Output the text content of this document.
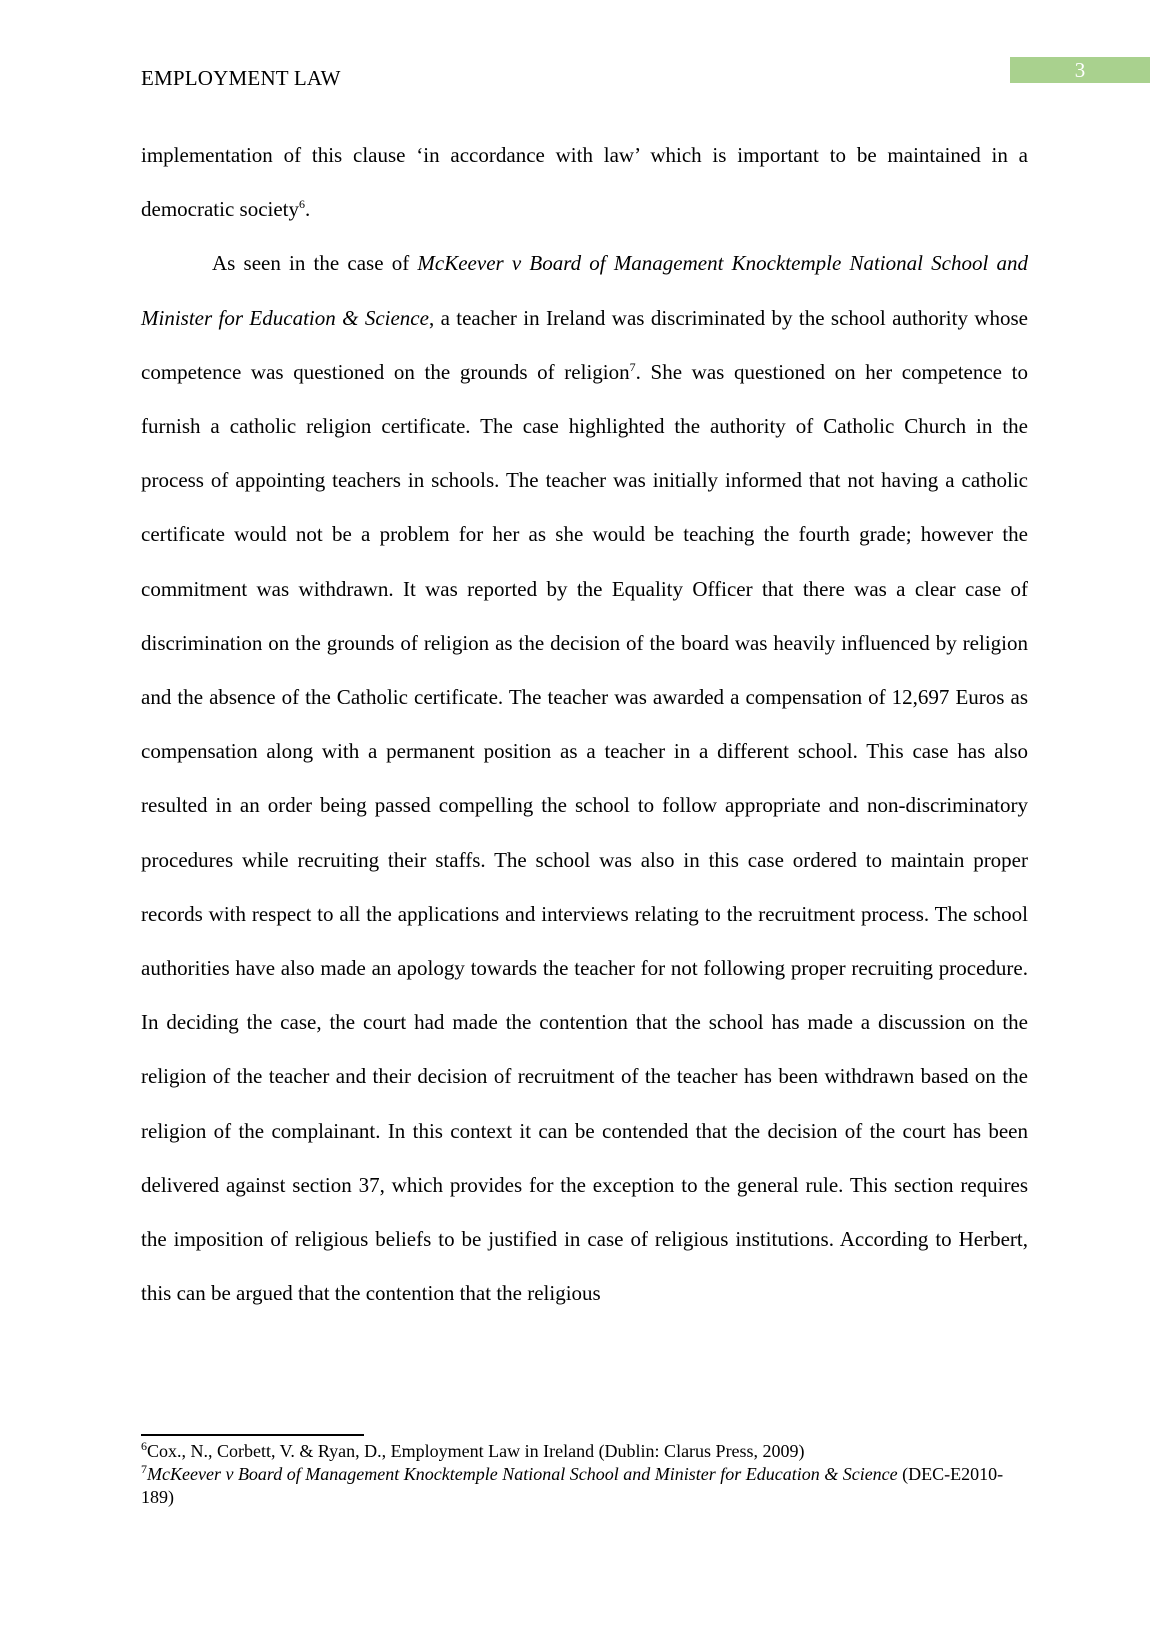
EMPLOYMENT LAW	3

implementation of this clause ‘in accordance with law’ which is important to be maintained in a democratic society$^6$.

As seen in the case of McKeever v Board of Management Knocktemple National School and Minister for Education & Science, a teacher in Ireland was discriminated by the school authority whose competence was questioned on the grounds of religion$^7$. She was questioned on her competence to furnish a catholic religion certificate. The case highlighted the authority of Catholic Church in the process of appointing teachers in schools. The teacher was initially informed that not having a catholic certificate would not be a problem for her as she would be teaching the fourth grade; however the commitment was withdrawn. It was reported by the Equality Officer that there was a clear case of discrimination on the grounds of religion as the decision of the board was heavily influenced by religion and the absence of the Catholic certificate. The teacher was awarded a compensation of 12,697 Euros as compensation along with a permanent position as a teacher in a different school. This case has also resulted in an order being passed compelling the school to follow appropriate and non-discriminatory procedures while recruiting their staffs. The school was also in this case ordered to maintain proper records with respect to all the applications and interviews relating to the recruitment process. The school authorities have also made an apology towards the teacher for not following proper recruiting procedure. In deciding the case, the court had made the contention that the school has made a discussion on the religion of the teacher and their decision of recruitment of the teacher has been withdrawn based on the religion of the complainant. In this context it can be contended that the decision of the court has been delivered against section 37, which provides for the exception to the general rule. This section requires the imposition of religious beliefs to be justified in case of religious institutions. According to Herbert, this can be argued that the contention that the religious

$^6$Cox., N., Corbett, V. & Ryan, D., Employment Law in Ireland (Dublin: Clarus Press, 2009)

$^7$McKeever v Board of Management Knocktemple National School and Minister for Education & Science (DEC-E2010-189)
